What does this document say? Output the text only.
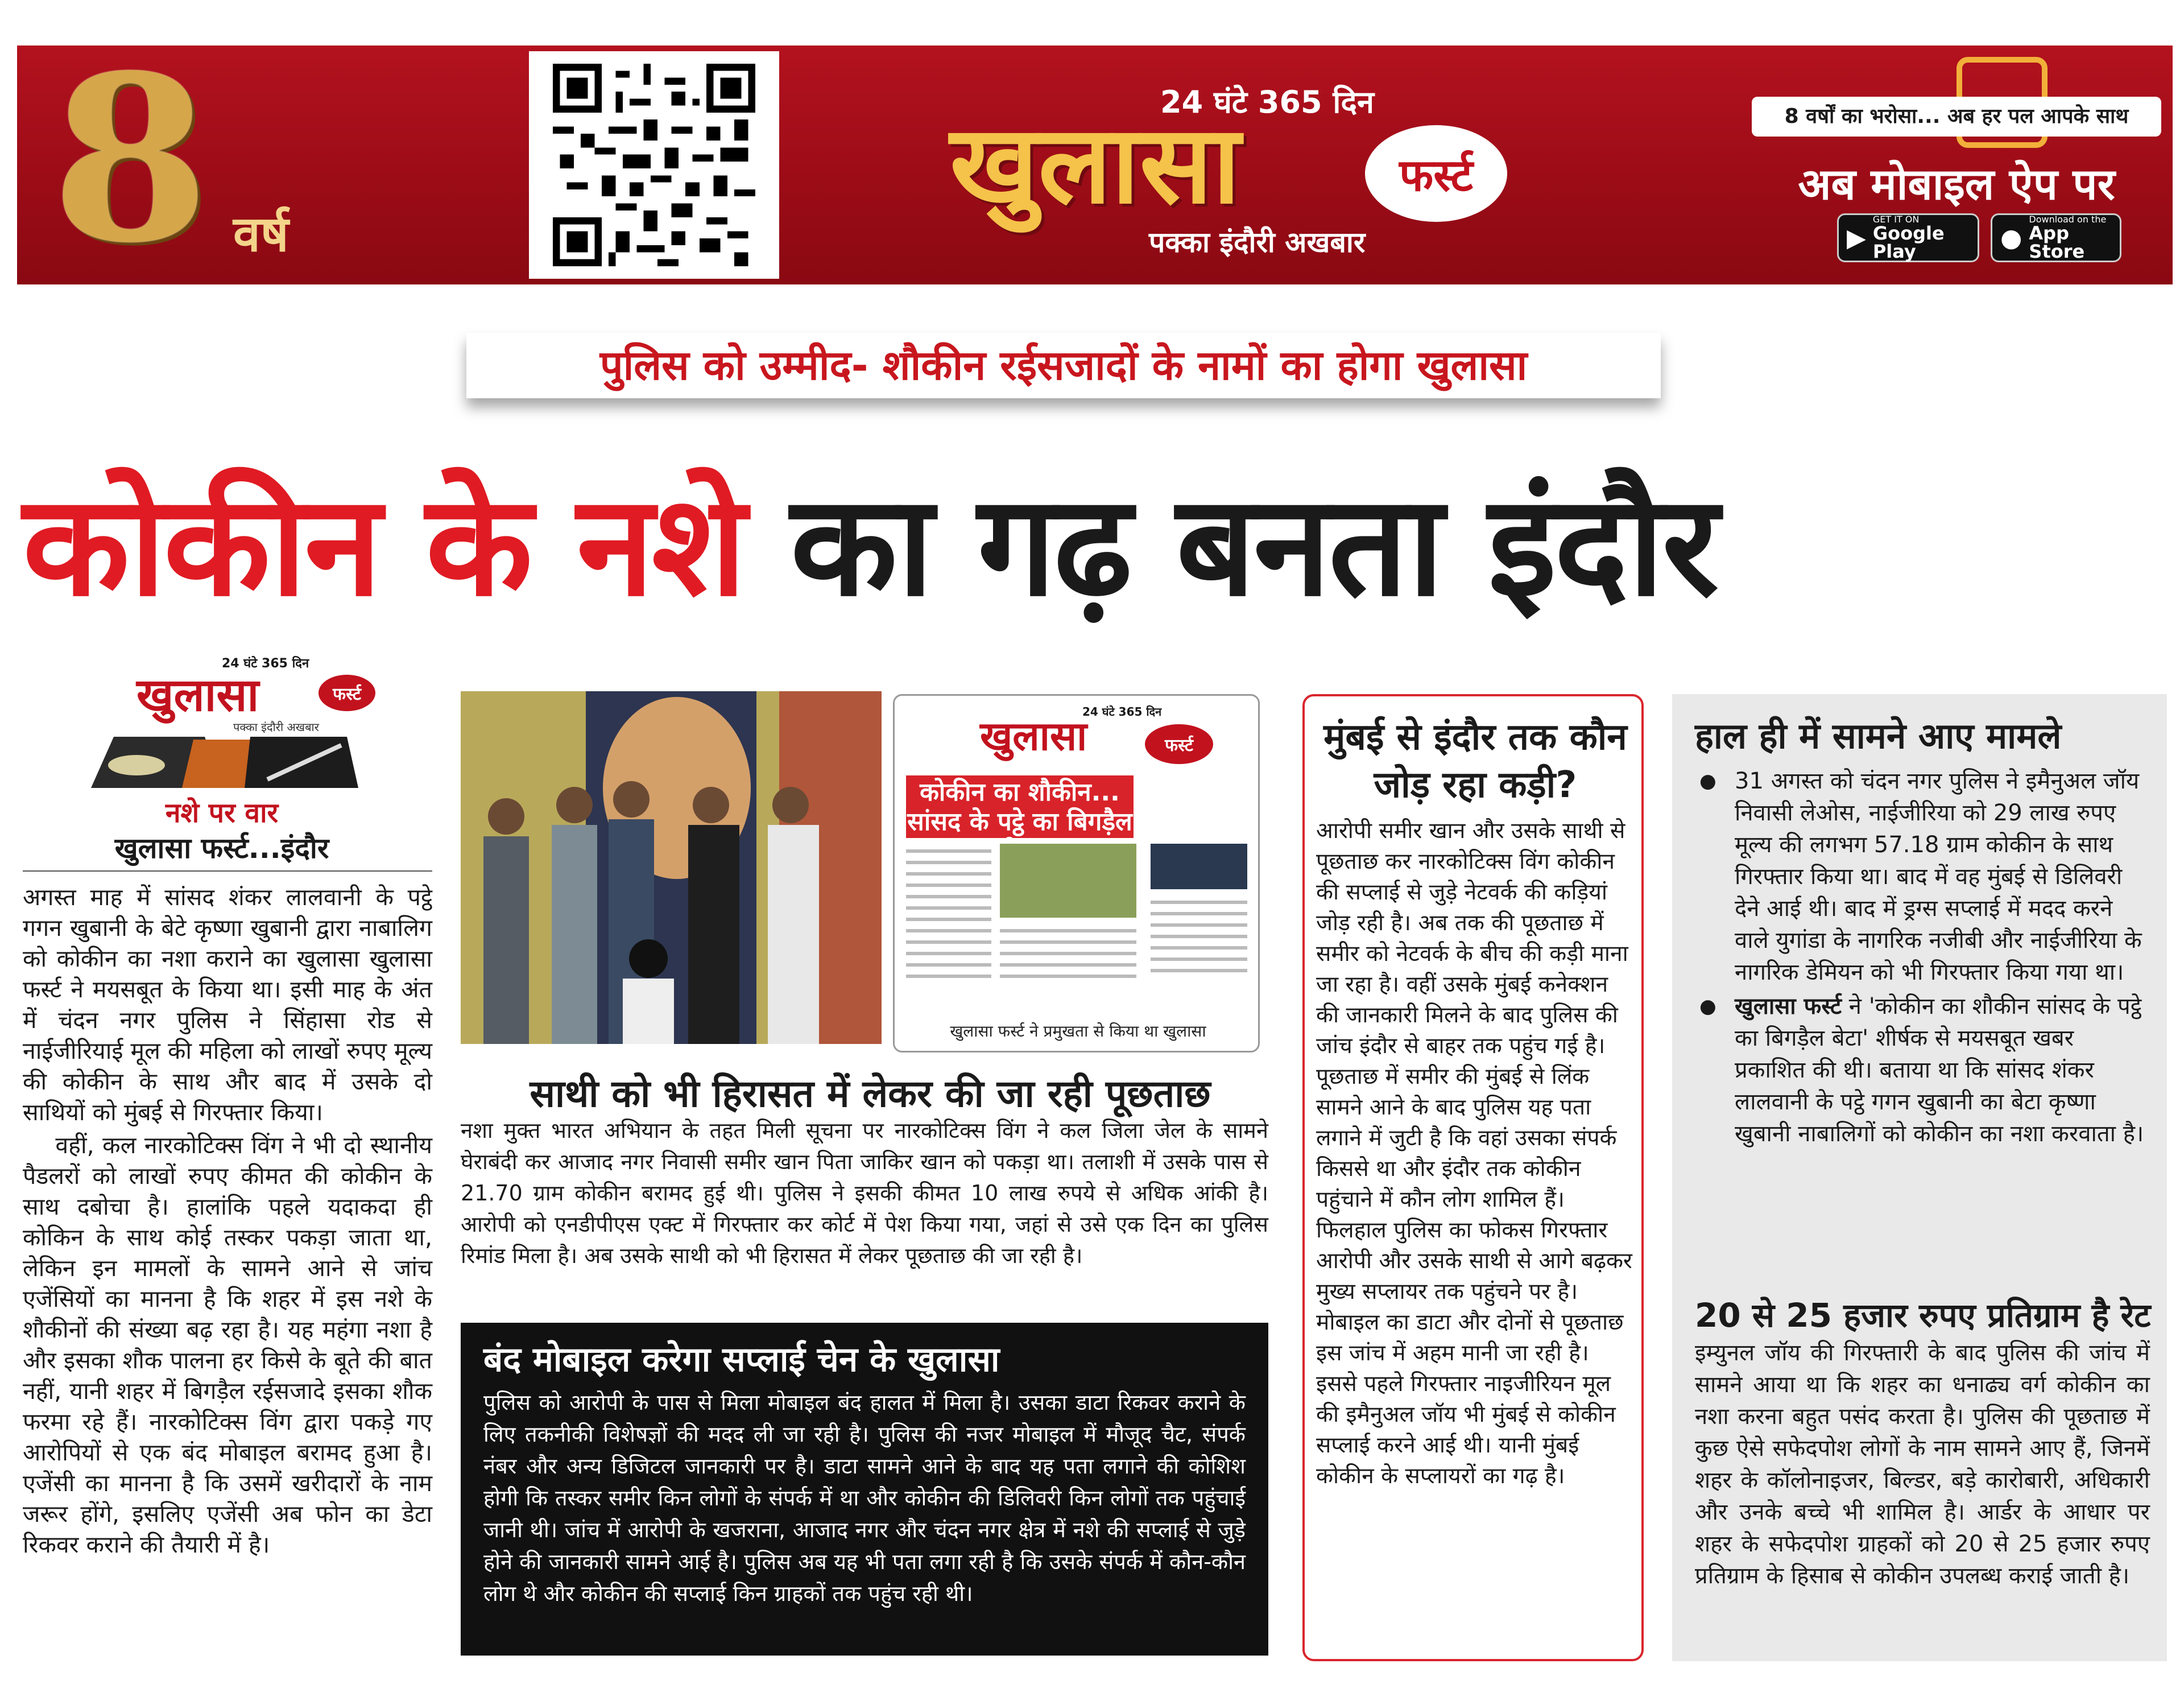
8 वर्ष
24 घंटे 365 दिन
खुलासा	फर्स्ट
पक्का इंदौरी अखबार
8 वर्षों का भरोसा... अब हर पल आपके साथ
अब मोबाइल ऐप पर
▶
GET IT ON
Google Play	●
Download on the
App Store
पुलिस को उम्मीद- शौकीन रईसजादों के नामों का होगा खुलासा
कोकीन के नशे का गढ़ बनता इंदौर
24 घंटे 365 दिन
खुलासा	फर्स्ट
पक्का इंदौरी अखबार
नशे पर वार
खुलासा फर्स्ट...इंदौर

अगस्त माह में सांसद शंकर लालवानी के पट्ठे गगन खुबानी के बेटे कृष्णा खुबानी द्वारा नाबालिग को कोकीन का नशा कराने का खुलासा खुलासा फर्स्ट ने मयसबूत के किया था। इसी माह के अंत में चंदन नगर पुलिस ने सिंहासा रोड से नाईजीरियाई मूल की महिला को लाखों रुपए मूल्य की कोकीन के साथ और बाद में उसके दो साथियों को मुंबई से गिरफ्तार किया।

वहीं, कल नारकोटिक्स विंग ने भी दो स्थानीय पैडलरों को लाखों रुपए कीमत की कोकीन के साथ दबोचा है। हालांकि पहले यदाकदा ही कोकिन के साथ कोई तस्कर पकड़ा जाता था, लेकिन इन मामलों के सामने आने से जांच एजेंसियों का मानना है कि शहर में इस नशे के शौकीनों की संख्या बढ़ रहा है। यह महंगा नशा है और इसका शौक पालना हर किसे के बूते की बात नहीं, यानी शहर में बिगड़ैल रईसजादे इसका शौक फरमा रहे हैं। नारकोटिक्स विंग द्वारा पकड़े गए आरोपियों से एक बंद मोबाइल बरामद हुआ है। एजेंसी का मानना है कि उसमें खरीदारों के नाम जरूर होंगे, इसलिए एजेंसी अब फोन का डेटा रिकवर कराने की तैयारी में है।

24 घंटे 365 दिन
खुलासा	फर्स्ट
कोकीन का शौकीन... सांसद के पट्ठे का बिगड़ैल
खुलासा फर्स्ट ने प्रमुखता से किया था खुलासा
साथी को भी हिरासत में लेकर की जा रही पूछताछ
नशा मुक्त भारत अभियान के तहत मिली सूचना पर नारकोटिक्स विंग ने कल जिला जेल के सामने घेराबंदी कर आजाद नगर निवासी समीर खान पिता जाकिर खान को पकड़ा था। तलाशी में उसके पास से 21.70 ग्राम कोकीन बरामद हुई थी। पुलिस ने इसकी कीमत 10 लाख रुपये से अधिक आंकी है। आरोपी को एनडीपीएस एक्ट में गिरफ्तार कर कोर्ट में पेश किया गया, जहां से उसे एक दिन का पुलिस रिमांड मिला है। अब उसके साथी को भी हिरासत में लेकर पूछताछ की जा रही है।
बंद मोबाइल करेगा सप्लाई चेन के खुलासा
पुलिस को आरोपी के पास से मिला मोबाइल बंद हालत में मिला है। उसका डाटा रिकवर कराने के लिए तकनीकी विशेषज्ञों की मदद ली जा रही है। पुलिस की नजर मोबाइल में मौजूद चैट, संपर्क नंबर और अन्य डिजिटल जानकारी पर है। डाटा सामने आने के बाद यह पता लगाने की कोशिश होगी कि तस्कर समीर किन लोगों के संपर्क में था और कोकीन की डिलिवरी किन लोगों तक पहुंचाई जानी थी। जांच में आरोपी के खजराना, आजाद नगर और चंदन नगर क्षेत्र में नशे की सप्लाई से जुड़े होने की जानकारी सामने आई है। पुलिस अब यह भी पता लगा रही है कि उसके संपर्क में कौन-कौन लोग थे और कोकीन की सप्लाई किन ग्राहकों तक पहुंच रही थी।
मुंबई से इंदौर तक कौन जोड़ रहा कड़ी?
आरोपी समीर खान और उसके साथी से पूछताछ कर नारकोटिक्स विंग कोकीन की सप्लाई से जुड़े नेटवर्क की कड़ियां जोड़ रही है। अब तक की पूछताछ में समीर को नेटवर्क के बीच की कड़ी माना जा रहा है। वहीं उसके मुंबई कनेक्शन की जानकारी मिलने के बाद पुलिस की जांच इंदौर से बाहर तक पहुंच गई है। पूछताछ में समीर की मुंबई से लिंक सामने आने के बाद पुलिस यह पता लगाने में जुटी है कि वहां उसका संपर्क किससे था और इंदौर तक कोकीन पहुंचाने में कौन लोग शामिल हैं। फिलहाल पुलिस का फोकस गिरफ्तार आरोपी और उसके साथी से आगे बढ़कर मुख्य सप्लायर तक पहुंचने पर है। मोबाइल का डाटा और दोनों से पूछताछ इस जांच में अहम मानी जा रही है। इससे पहले गिरफ्तार नाइजीरियन मूल की इमैनुअल जॉय भी मुंबई से कोकीन सप्लाई करने आई थी। यानी मुंबई कोकीन के सप्लायरों का गढ़ है।
हाल ही में सामने आए मामले
● 31 अगस्त को चंदन नगर पुलिस ने इमैनुअल जॉय निवासी लेओस, नाईजीरिया को 29 लाख रुपए मूल्य की लगभग 57.18 ग्राम कोकीन के साथ गिरफ्तार किया था। बाद में वह मुंबई से डिलिवरी देने आई थी। बाद में ड्रग्स सप्लाई में मदद करने वाले युगांडा के नागरिक नजीबी और नाईजीरिया के नागरिक डेमियन को भी गिरफ्तार किया गया था।
● खुलासा फर्स्ट ने 'कोकीन का शौकीन सांसद के पट्ठे का बिगड़ैल बेटा' शीर्षक से मयसबूत खबर प्रकाशित की थी। बताया था कि सांसद शंकर लालवानी के पट्ठे गगन खुबानी का बेटा कृष्णा खुबानी नाबालिगों को कोकीन का नशा करवाता है।
20 से 25 हजार रुपए प्रतिग्राम है रेट
इम्युनल जॉय की गिरफ्तारी के बाद पुलिस की जांच में सामने आया था कि शहर का धनाढ्य वर्ग कोकीन का नशा करना बहुत पसंद करता है। पुलिस की पूछताछ में कुछ ऐसे सफेदपोश लोगों के नाम सामने आए हैं, जिनमें शहर के कॉलोनाइजर, बिल्डर, बड़े कारोबारी, अधिकारी और उनके बच्चे भी शामिल है। आर्डर के आधार पर शहर के सफेदपोश ग्राहकों को 20 से 25 हजार रुपए प्रतिग्राम के हिसाब से कोकीन उपलब्ध कराई जाती है।
